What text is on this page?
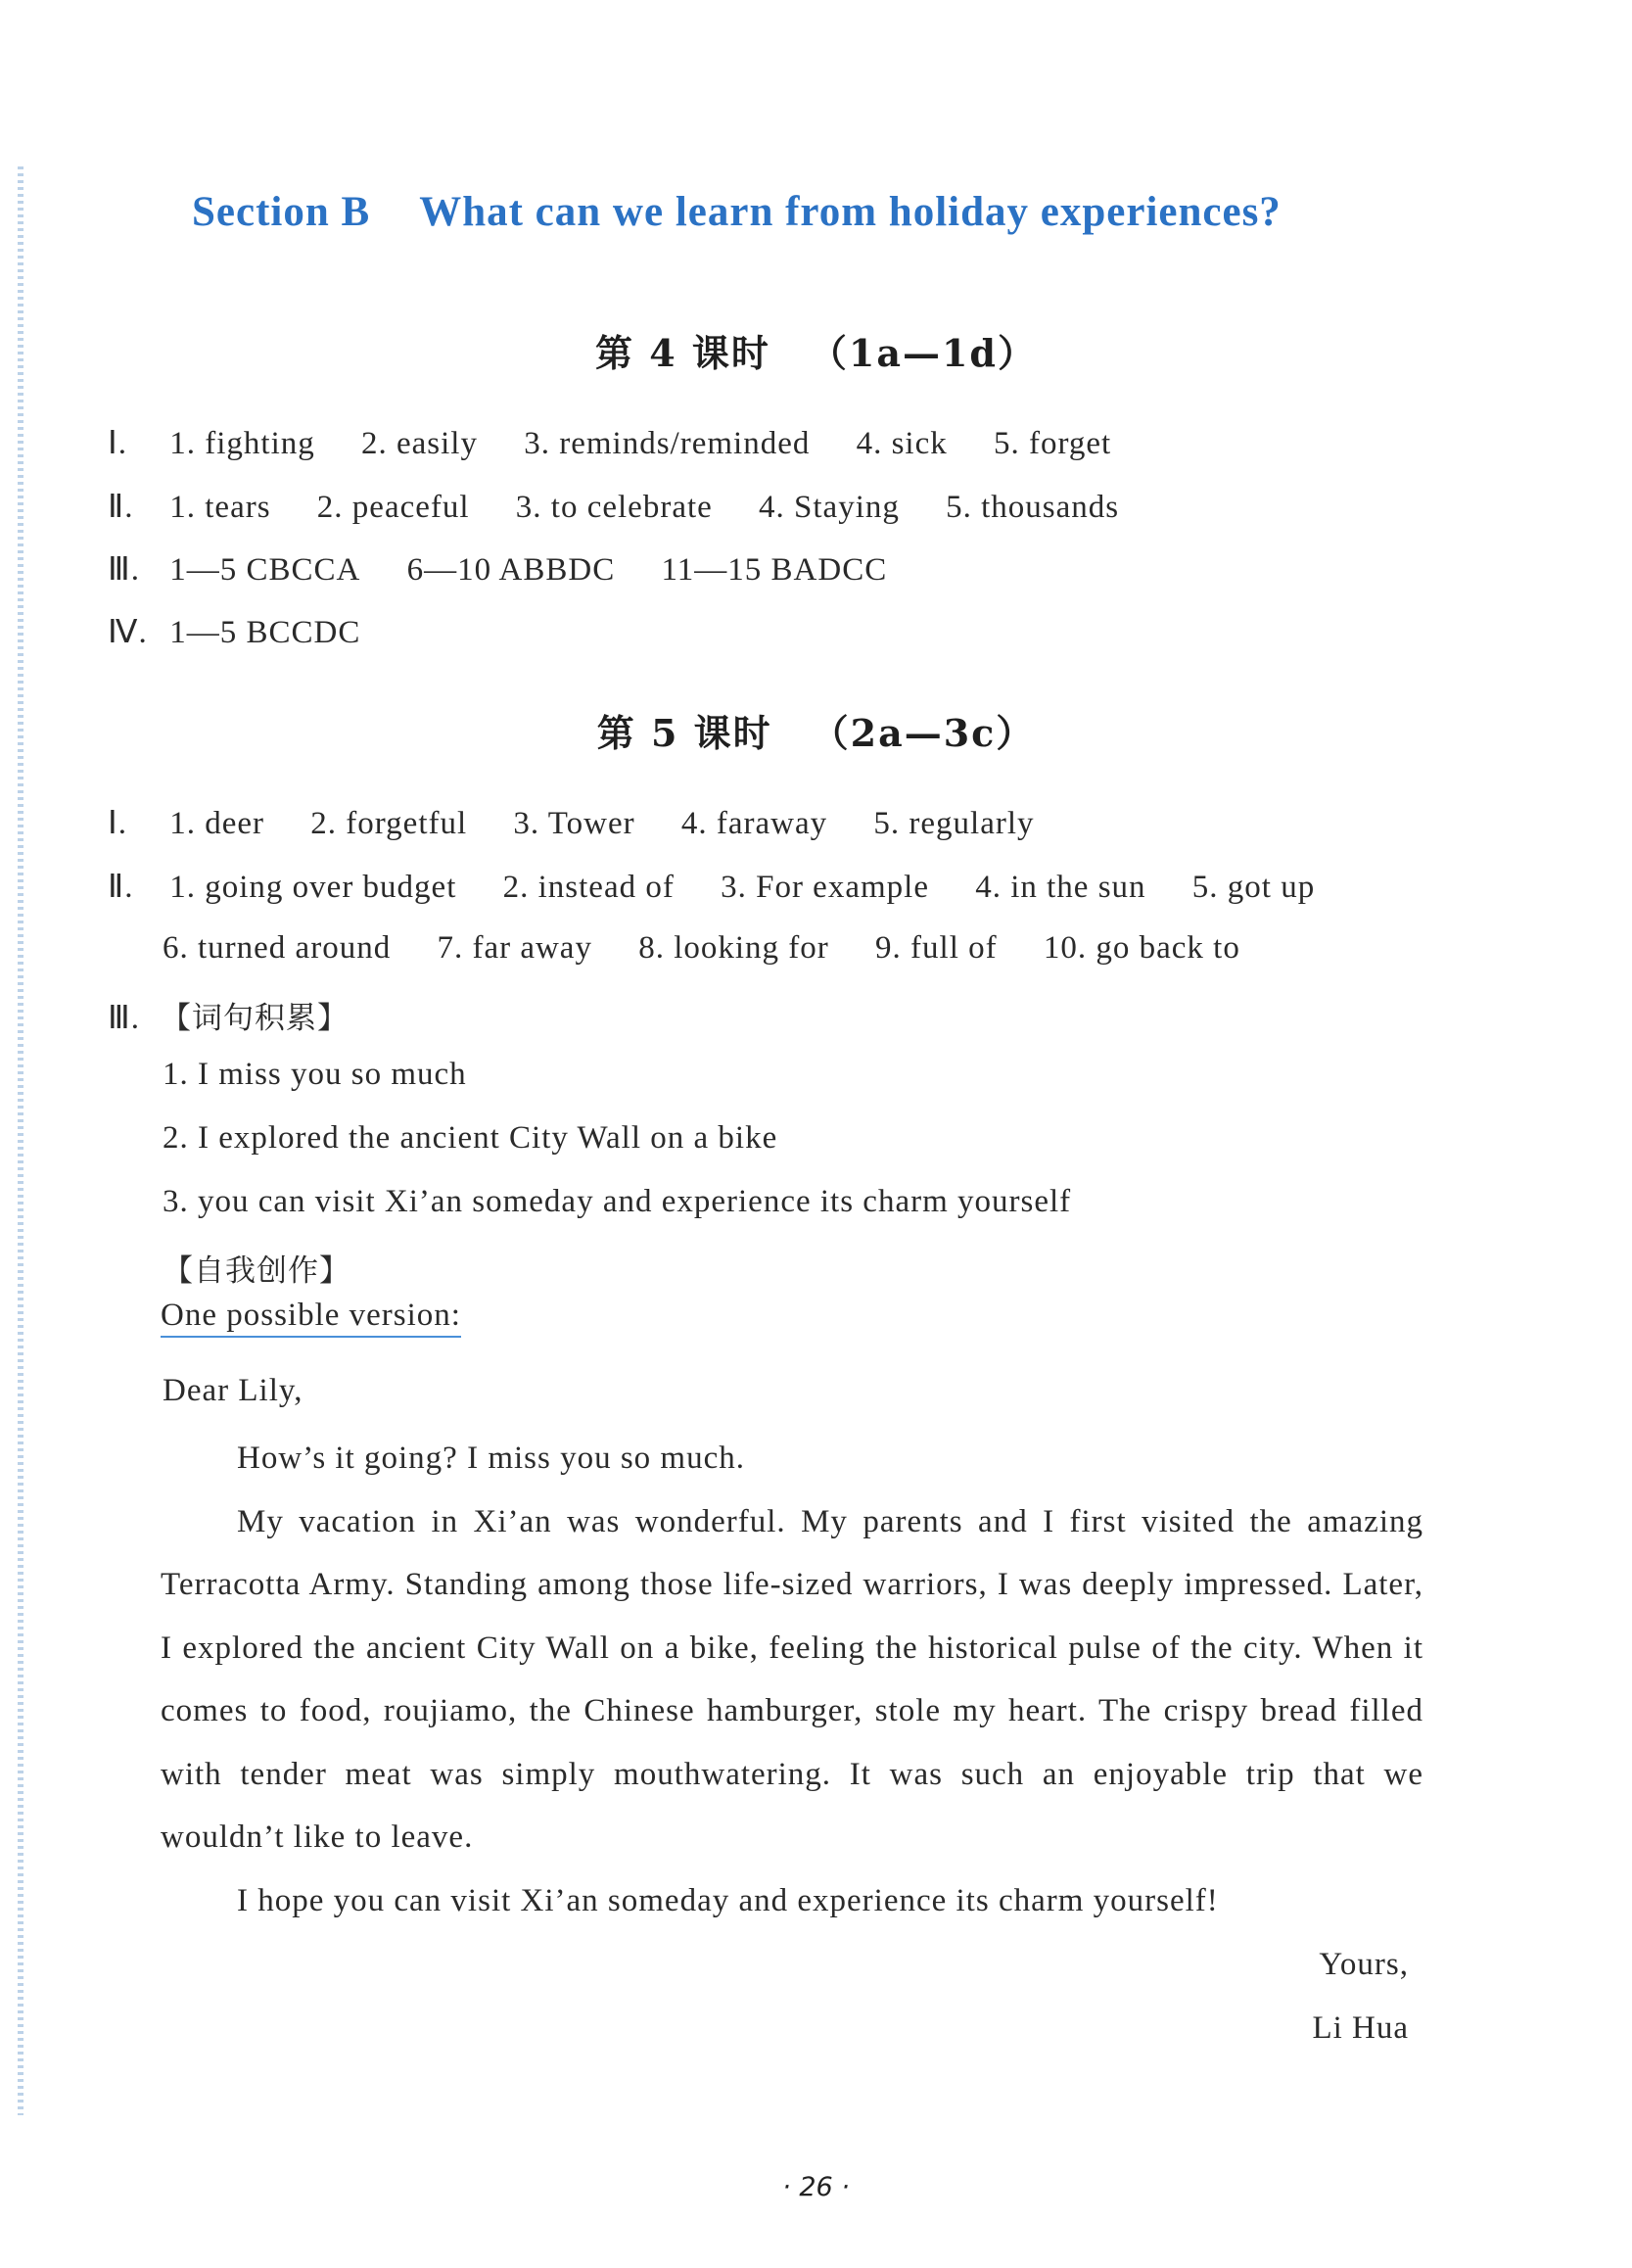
Section B What can we learn from holiday experiences?
第 4 课时 （1a—1d）
Ⅰ. 1. fighting 2. easily 3. reminds/reminded 4. sick 5. forget
Ⅱ. 1. tears 2. peaceful 3. to celebrate 4. Staying 5. thousands
Ⅲ. 1—5 CBCCA 6—10 ABBDC 11—15 BADCC
Ⅳ. 1—5 BCCDC
第 5 课时 （2a—3c）
Ⅰ. 1. deer 2. forgetful 3. Tower 4. faraway 5. regularly
Ⅱ. 1. going over budget 2. instead of 3. For example 4. in the sun 5. got up
6. turned around 7. far away 8. looking for 9. full of 10. go back to
Ⅲ. 【词句积累】
1. I miss you so much
2. I explored the ancient City Wall on a bike
3. you can visit Xi’an someday and experience its charm yourself
【自我创作】
One possible version:
Dear Lily,

How’s it going? I miss you so much.

My vacation in Xi’an was wonderful. My parents and I first visited the amazing Terracotta Army. Standing among those life-sized warriors, I was deeply impressed. Later, I explored the ancient City Wall on a bike, feeling the historical pulse of the city. When it comes to food, roujiamo, the Chinese hamburger, stole my heart. The crispy bread filled with tender meat was simply mouthwatering. It was such an enjoyable trip that we wouldn’t like to leave.

I hope you can visit Xi’an someday and experience its charm yourself!

Yours,
Li Hua
· 26 ·
